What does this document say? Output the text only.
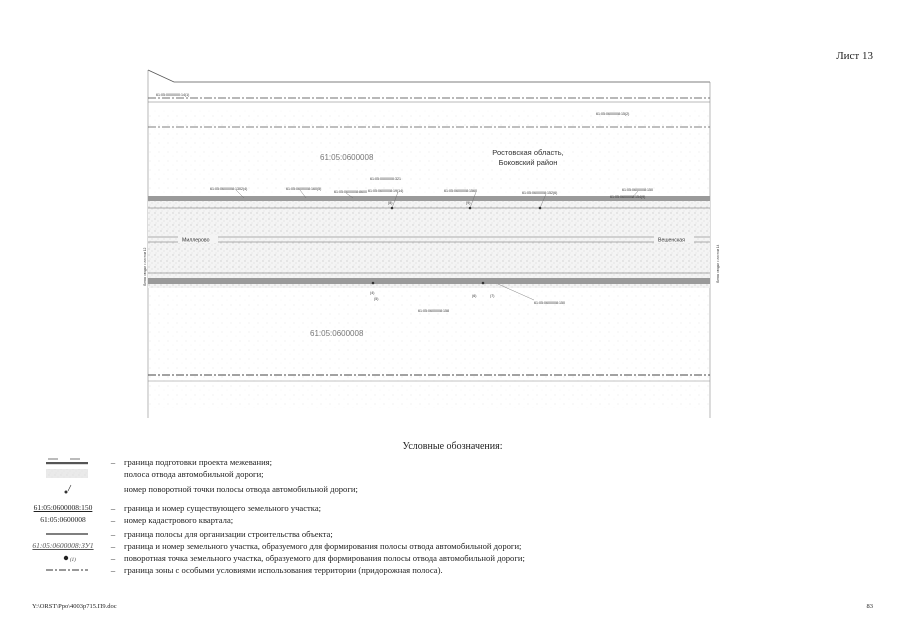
Лист 13
61:05:0000000:14(1)
61:05:0600008:15(2)
61:05:0600008
Ростовская область,
Боковский район
61:05:0600008:1302(4)	61:05:0600008:160(5)
61:05:0600008:8600
61:05:0000000:321
61:05:0600008:19(14)	61:05:0600008:1560	61:05:0600008:152(6)
61:05:0600008:150
61:05:0600008:154(9)
Миллерово	Вешенская
(4)
(5)
(6)	(7)
(8)	(9)
61:05:0600008:150
61:05:0600008:158
61:05:0600008
Линия сводки с листом 12	Линия сводки с листом 14
Условные обозначения:
–	граница подготовки проекта межевания;
полоса отвода автомобильной дороги;
номер поворотной точки полосы отвода автомобильной дороги;
61:05:0600008:150	–	граница и номер существующего земельного участка;
61:05:0600008	–	номер кадастрового квартала;
–	граница полосы для организации строительства объекта;
61:05:0600008:ЗУ1	–	граница и номер земельного участка, образуемого для формирования полосы отвода автомобильной дороги;
(1)	–	поворотная точка земельного участка, образуемого для формирования полосы отвода автомобильной дороги;
–	граница зоны с особыми условиями использования территории (придорожная полоса).
Y:\ORST\Ppo\4003p715.П9.doc	83
